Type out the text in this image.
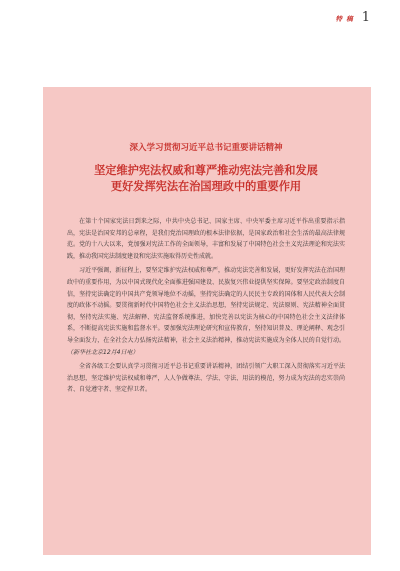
特 稿 1
深入学习贯彻习近平总书记重要讲话精神
坚定维护宪法权威和尊严推动宪法完善和发展
更好发挥宪法在治国理政中的重要作用

在第十个国家宪法日到来之际，中共中央总书记、国家主席、中央军委主席习近平作出重要指示指出，宪法是治国安邦的总章程，是我们党治国理政的根本法律依据，是国家政治和社会生活的最高法律规范。党的十八大以来，党加强对宪法工作的全面领导，丰富和发展了中国特色社会主义宪法理论和宪法实践，推动我国宪法制度建设和宪法实施取得历史性成就。

习近平强调，新征程上，要坚定维护宪法权威和尊严，推动宪法完善和发展，更好发挥宪法在治国理政中的重要作用，为以中国式现代化全面推进强国建设、民族复兴伟业提供坚实保障。要坚定政治制度自信，坚持宪法确定的中国共产党领导地位不动摇，坚持宪法确定的人民民主专政的国体和人民代表大会制度的政体不动摇。要贯彻新时代中国特色社会主义法治思想，坚持宪法规定、宪法原则、宪法精神全面贯彻，坚持宪法实施、宪法解释、宪法监督系统推进，加快完善以宪法为核心的中国特色社会主义法律体系，不断提高宪法实施和监督水平。要加强宪法理论研究和宣传教育，坚持知识普及、理论阐释、观念引导全面发力，在全社会大力弘扬宪法精神，社会主义法治精神，推动宪法实施成为全体人民的自觉行动。（新华社北京12月4日电）

全省各级工会要认真学习贯彻习近平总书记重要讲话精神，团结引领广大职工深入贯彻落实习近平法治思想，坚定维护宪法权威和尊严，人人争做尊法、学法、守法、用法的模范，努力成为宪法的忠实崇尚者、自觉遵守者、坚定捍卫者。
